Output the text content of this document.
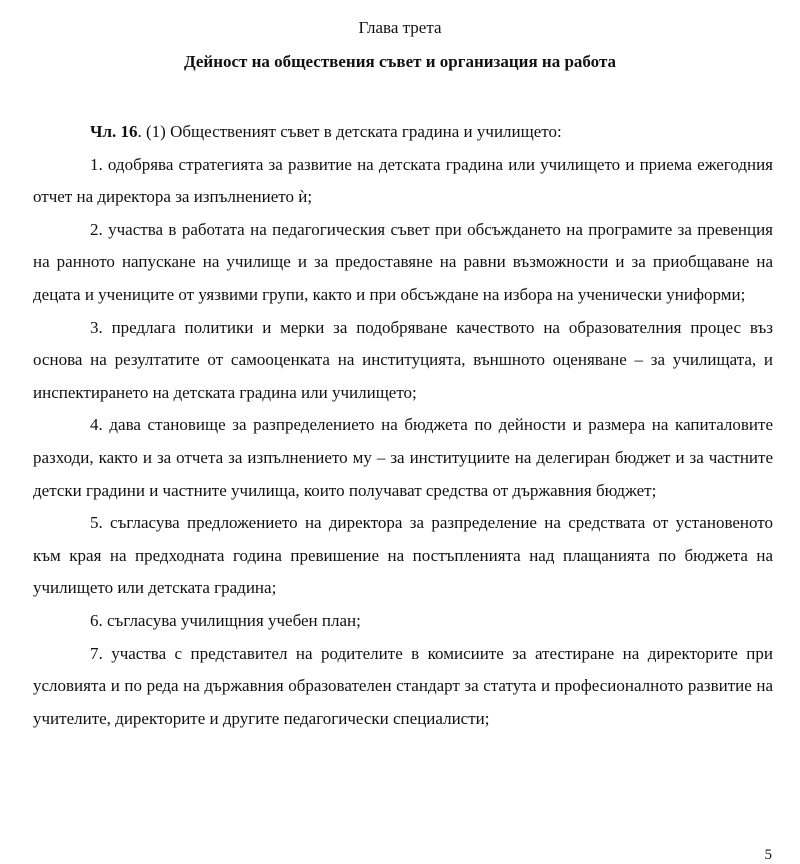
Глава трета
Дейност на обществения съвет и организация на работа

Чл. 16. (1) Общественият съвет в детската градина и училището:

1. одобрява стратегията за развитие на детската градина или училището и приема ежегодния отчет на директора за изпълнението ѝ;

2. участва в работата на педагогическия съвет при обсъждането на програмите за превенция на ранното напускане на училище и за предоставяне на равни възможности и за приобщаване на децата и учениците от уязвими групи, както и при обсъждане на избора на ученически униформи;

3. предлага политики и мерки за подобряване качеството на образователния процес въз основа на резултатите от самооценката на институцията, външното оценяване – за училищата, и инспектирането на детската градина или училището;

4. дава становище за разпределението на бюджета по дейности и размера на капиталовите разходи, както и за отчета за изпълнението му – за институциите на делегиран бюджет и за частните детски градини и частните училища, които получават средства от държавния бюджет;

5. съгласува предложението на директора за разпределение на средствата от установеното към края на предходната година превишение на постъпленията над плащанията по бюджета на училището или детската градина;

6. съгласува училищния учебен план;

7. участва с представител на родителите в комисиите за атестиране на директорите при условията и по реда на държавния образователен стандарт за статута и професионалното развитие на учителите, директорите и другите педагогически специалисти;

5
